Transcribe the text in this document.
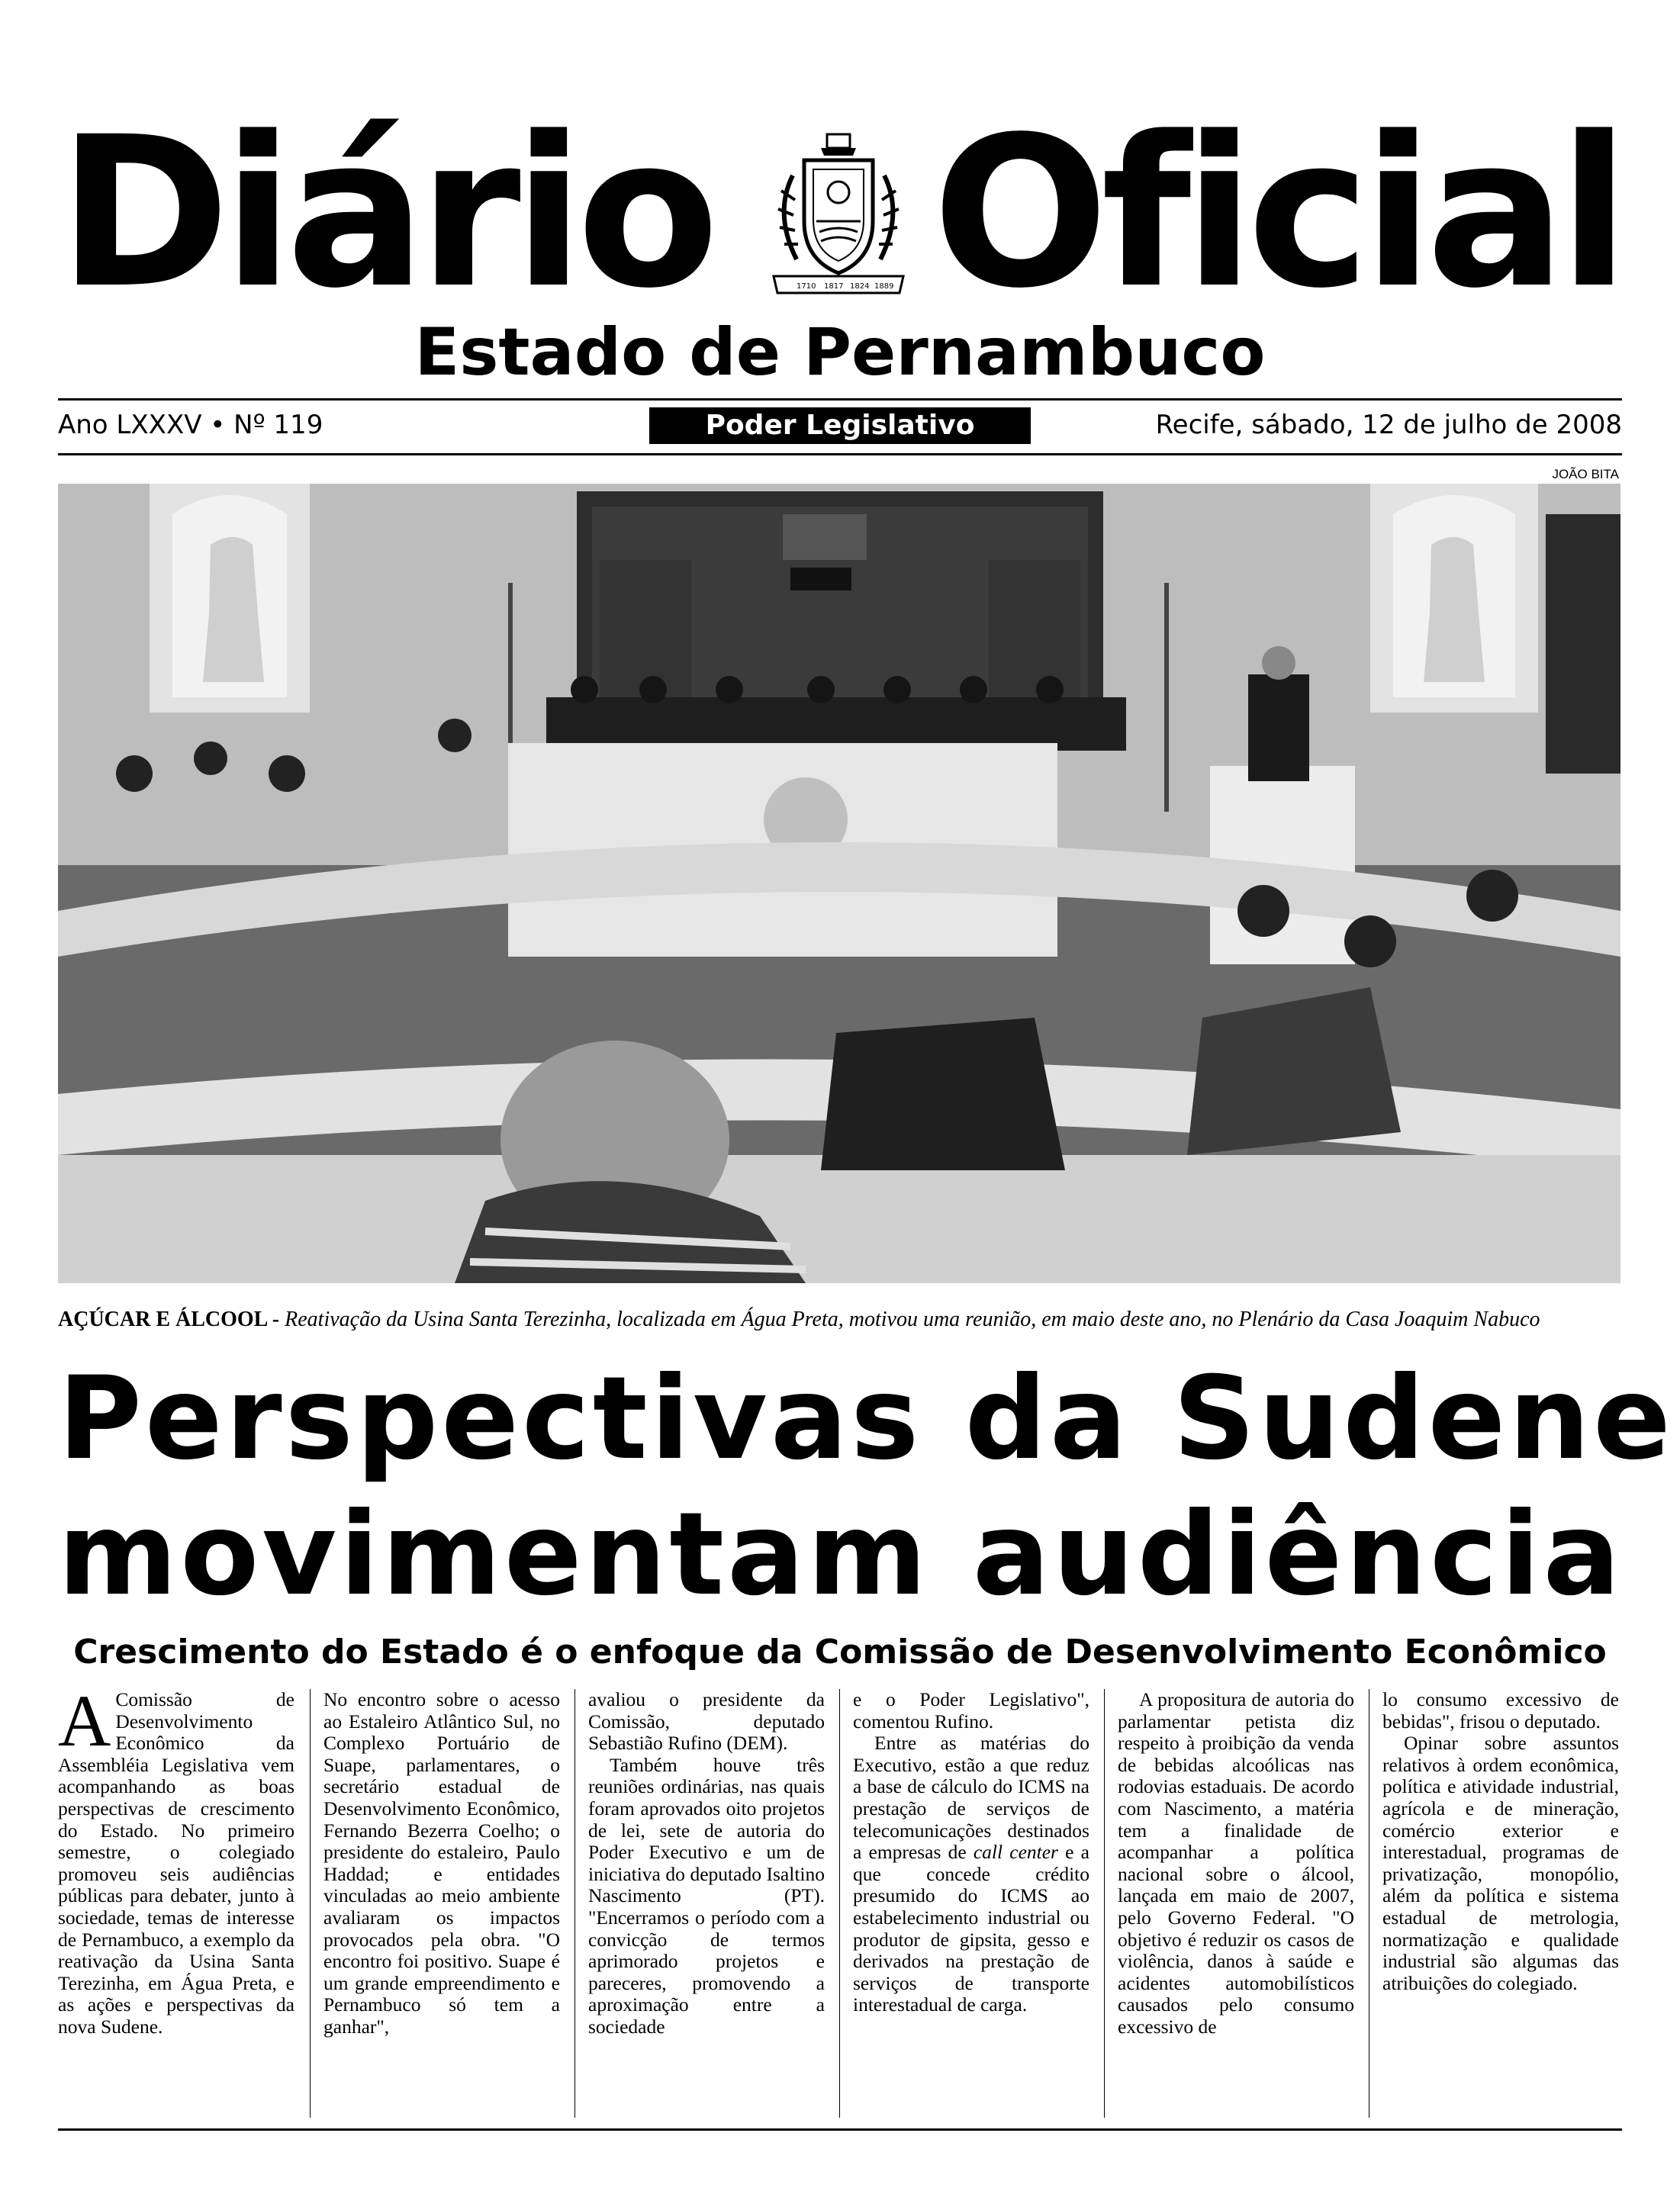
Diário	1710 1817 1824 1889 Oficial
Estado de Pernambuco
Ano LXXXV • Nº 119	Poder Legislativo	Recife, sábado, 12 de julho de 2008
JOÃO BITA
AÇÚCAR E ÁLCOOL - Reativação da Usina Santa Terezinha, localizada em Água Preta, motivou uma reunião, em maio deste ano, no Plenário da Casa Joaquim Nabuco
Perspectivas da Sudene
movimentam audiência
Crescimento do Estado é o enfoque da Comissão de Desenvolvimento Econômico

A Comissão de Desenvolvimento Econômico da Assembléia Legislativa vem acompanhando as boas perspectivas de crescimento do Estado. No primeiro semestre, o colegiado promoveu seis audiências públicas para debater, junto à sociedade, temas de interesse de Pernambuco, a exemplo da reativação da Usina Santa Terezinha, em Água Preta, e as ações e perspectivas da nova Sudene.

No encontro sobre o acesso ao Estaleiro Atlântico Sul, no Complexo Portuário de Suape, parlamentares, o secretário estadual de Desenvolvimento Econômico, Fernando Bezerra Coelho; o presidente do estaleiro, Paulo Haddad; e entidades vinculadas ao meio ambiente avaliaram os impactos provocados pela obra. "O encontro foi positivo. Suape é um grande empreendimento e Pernambuco só tem a ganhar",

avaliou o presidente da Comissão, deputado Sebastião Rufino (DEM).

Também houve três reuniões ordinárias, nas quais foram aprovados oito projetos de lei, sete de autoria do Poder Executivo e um de iniciativa do deputado Isaltino Nascimento (PT). "Encerramos o período com a convicção de termos aprimorado projetos e pareceres, promovendo a aproximação entre a sociedade

e o Poder Legislativo", comentou Rufino.

Entre as matérias do Executivo, estão a que reduz a base de cálculo do ICMS na prestação de serviços de telecomunicações destinados a empresas de call center e a que concede crédito presumido do ICMS ao estabelecimento industrial ou produtor de gipsita, gesso e derivados na prestação de serviços de transporte interestadual de carga.

A propositura de autoria do parlamentar petista diz respeito à proibição da venda de bebidas alcoólicas nas rodovias estaduais. De acordo com Nascimento, a matéria tem a finalidade de acompanhar a política nacional sobre o álcool, lançada em maio de 2007, pelo Governo Federal. "O objetivo é reduzir os casos de violência, danos à saúde e acidentes automobilísticos causados pelo consumo excessivo de

lo consumo excessivo de bebidas", frisou o deputado.

Opinar sobre assuntos relativos à ordem econômica, política e atividade industrial, agrícola e de mineração, comércio exterior e interestadual, programas de privatização, monopólio, além da política e sistema estadual de metrologia, normatização e qualidade industrial são algumas das atribuições do colegiado.
